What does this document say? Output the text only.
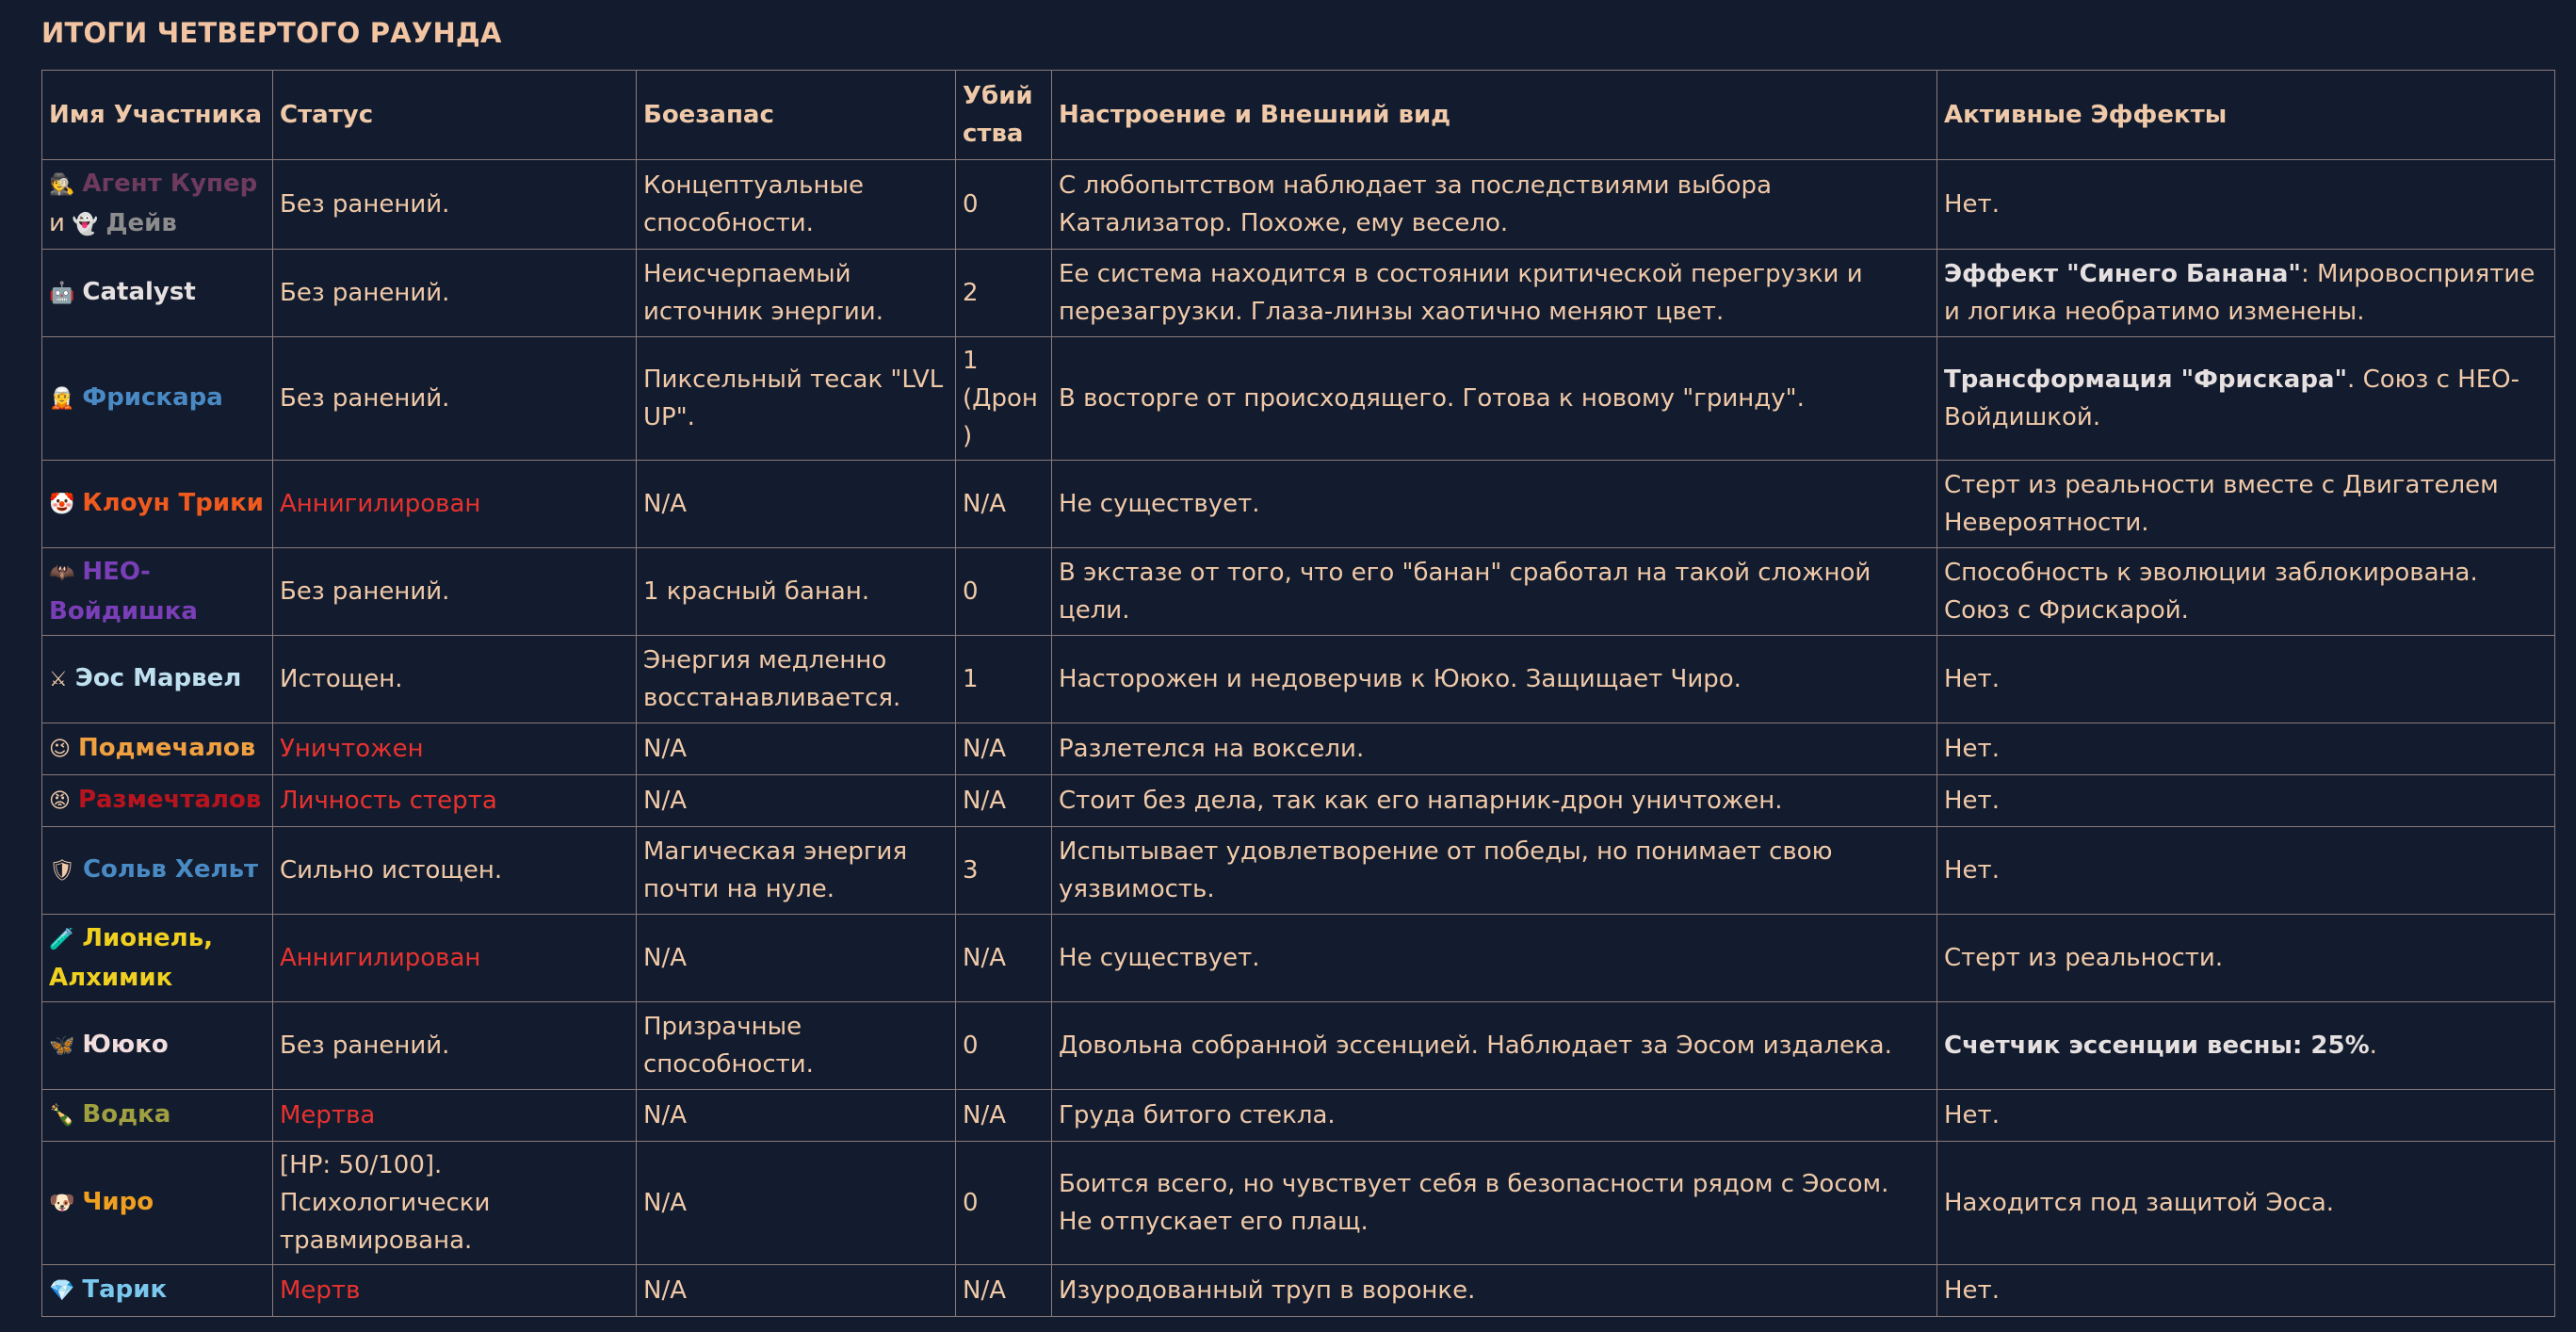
ИТОГИ ЧЕТВЕРТОГО РАУНДА
Имя Участника	Статус	Боезапас	Убийства	Настроение и Внешний вид	Активные Эффекты
🕵 Агент Купер
и 👻 Дейв	Без ранений.	Концептуальные способности.	0	С любопытством наблюдает за последствиями выбора Катализатор. Похоже, ему весело.	Нет.
🤖 Catalyst	Без ранений.	Неисчерпаемый источник энергии.	2	Ее система находится в состоянии критической перегрузки и перезагрузки. Глаза-линзы хаотично меняют цвет.	Эффект "Синего Банана": Мировосприятие и логика необратимо изменены.
🧝 Фрискара	Без ранений.	Пиксельный тесак "LVL UP".	1 (Дрон)	В восторге от происходящего. Готова к новому "гринду".	Трансформация "Фрискара". Союз с НЕО-Войдишкой.
🤡 Клоун Трики	Аннигилирован	N/A	N/A	Не существует.	Стерт из реальности вместе с Двигателем Невероятности.
🦇 НЕО-Войдишка	Без ранений.	1 красный банан.	0	В экстазе от того, что его "банан" сработал на такой сложной цели.	Способность к эволюции заблокирована. Союз с Фрискарой.
⚔ Эос Марвел	Истощен.	Энергия медленно восстанавливается.	1	Насторожен и недоверчив к Ююко. Защищает Чиро.	Нет.
😉 Подмечалов	Уничтожен	N/A	N/A	Разлетелся на воксели.	Нет.
😡 Размечталов	Личность стерта	N/A	N/A	Стоит без дела, так как его напарник-дрон уничтожен.	Нет.
🛡 Сольв Хельт	Сильно истощен.	Магическая энергия почти на нуле.	3	Испытывает удовлетворение от победы, но понимает свою уязвимость.	Нет.
🧪 Лионель, Алхимик	Аннигилирован	N/A	N/A	Не существует.	Стерт из реальности.
🦋 Ююко	Без ранений.	Призрачные способности.	0	Довольна собранной эссенцией. Наблюдает за Эосом издалека.	Счетчик эссенции весны: 25%.
🍾 Водка	Мертва	N/A	N/A	Груда битого стекла.	Нет.
🐶 Чиро	[HP: 50/100]. Психологически травмирована.	N/A	0	Боится всего, но чувствует себя в безопасности рядом с Эосом. Не отпускает его плащ.	Находится под защитой Эоса.
💎 Тарик	Мертв	N/A	N/A	Изуродованный труп в воронке.	Нет.
